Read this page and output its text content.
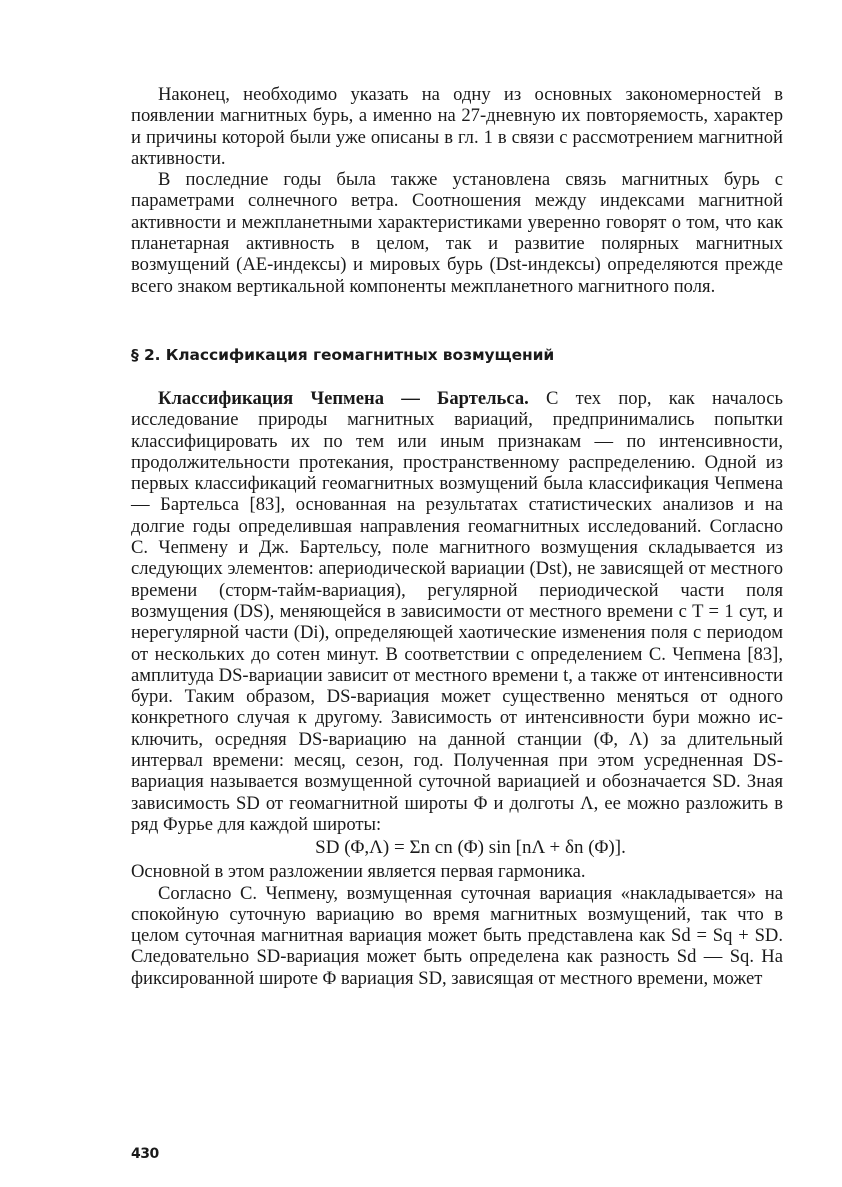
Наконец, необходимо указать на одну из основных закономерностей в появлении магнитных бурь, а именно на 27-дневную их повторяемость, характер и причины которой были уже описаны в гл. 1 в связи с рассмотрением магнитной активности.

В последние годы была также установлена связь магнитных бурь с параметрами солнечного ветра. Соотношения между индексами магнитной активности и межпланетными характеристиками уверенно говорят о том, что как планетарная активность в целом, так и развитие полярных магнитных возмущений (AE-индексы) и мировых бурь (Dst-индексы) определяются прежде всего знаком вертикальной компоненты межпланетного магнитного поля.

§ 2. Классификация геомагнитных возмущений

Классификация Чепмена — Бартельса. С тех пор, как началось исследование природы магнитных вариаций, предпринимались попытки классифицировать их по тем или иным признакам — по интенсивности, продолжительности протекания, пространственному распределению. Одной из первых классификаций геомагнитных возмущений была классификация Чепмена — Бартельса [83], основанная на результатах статистических анализов и на долгие годы определившая направления геомагнитных исследований. Согласно С. Чепмену и Дж. Бартельсу, поле магнитного возмущения складывается из следующих элементов: апериодической вариации (Dst), не зависящей от местного времени (сторм-тайм-вариация), регулярной периодической части поля возмущения (DS), меняющейся в зависимости от местного времени с T = 1 сут, и нерегулярной части (Di), определяющей хаотические изменения поля с периодом от нескольких до сотен минут. В соответствии с определением С. Чепмена [83], амплитуда DS-вариации зависит от местного времени t, а также от интенсивности бури. Таким образом, DS-вариация может существенно меняться от одного конкретного случая к другому. Зависимость от интенсивности бури можно исключить, осредняя DS-вариацию на данной станции (Φ, Λ) за длительный интервал времени: месяц, сезон, год. Полученная при этом усредненная DS-вариация называется возмущенной суточной вариацией и обозначается SD. Зная зависимость SD от геомагнитной широты Φ и долготы Λ, ее можно разложить в ряд Фурье для каждой широты:

SD (Φ,Λ) = Σn cn (Φ) sin [nΛ + δn (Φ)].

Основной в этом разложении является первая гармоника.

Согласно С. Чепмену, возмущенная суточная вариация «накладывается» на спокойную суточную вариацию во время магнитных возмущений, так что в целом суточная магнитная вариация может быть представлена как Sd = Sq + SD. Следовательно SD-вариация может быть определена как разность Sd — Sq. На фиксированной широте Φ вариация SD, зависящая от местного времени, может

430
